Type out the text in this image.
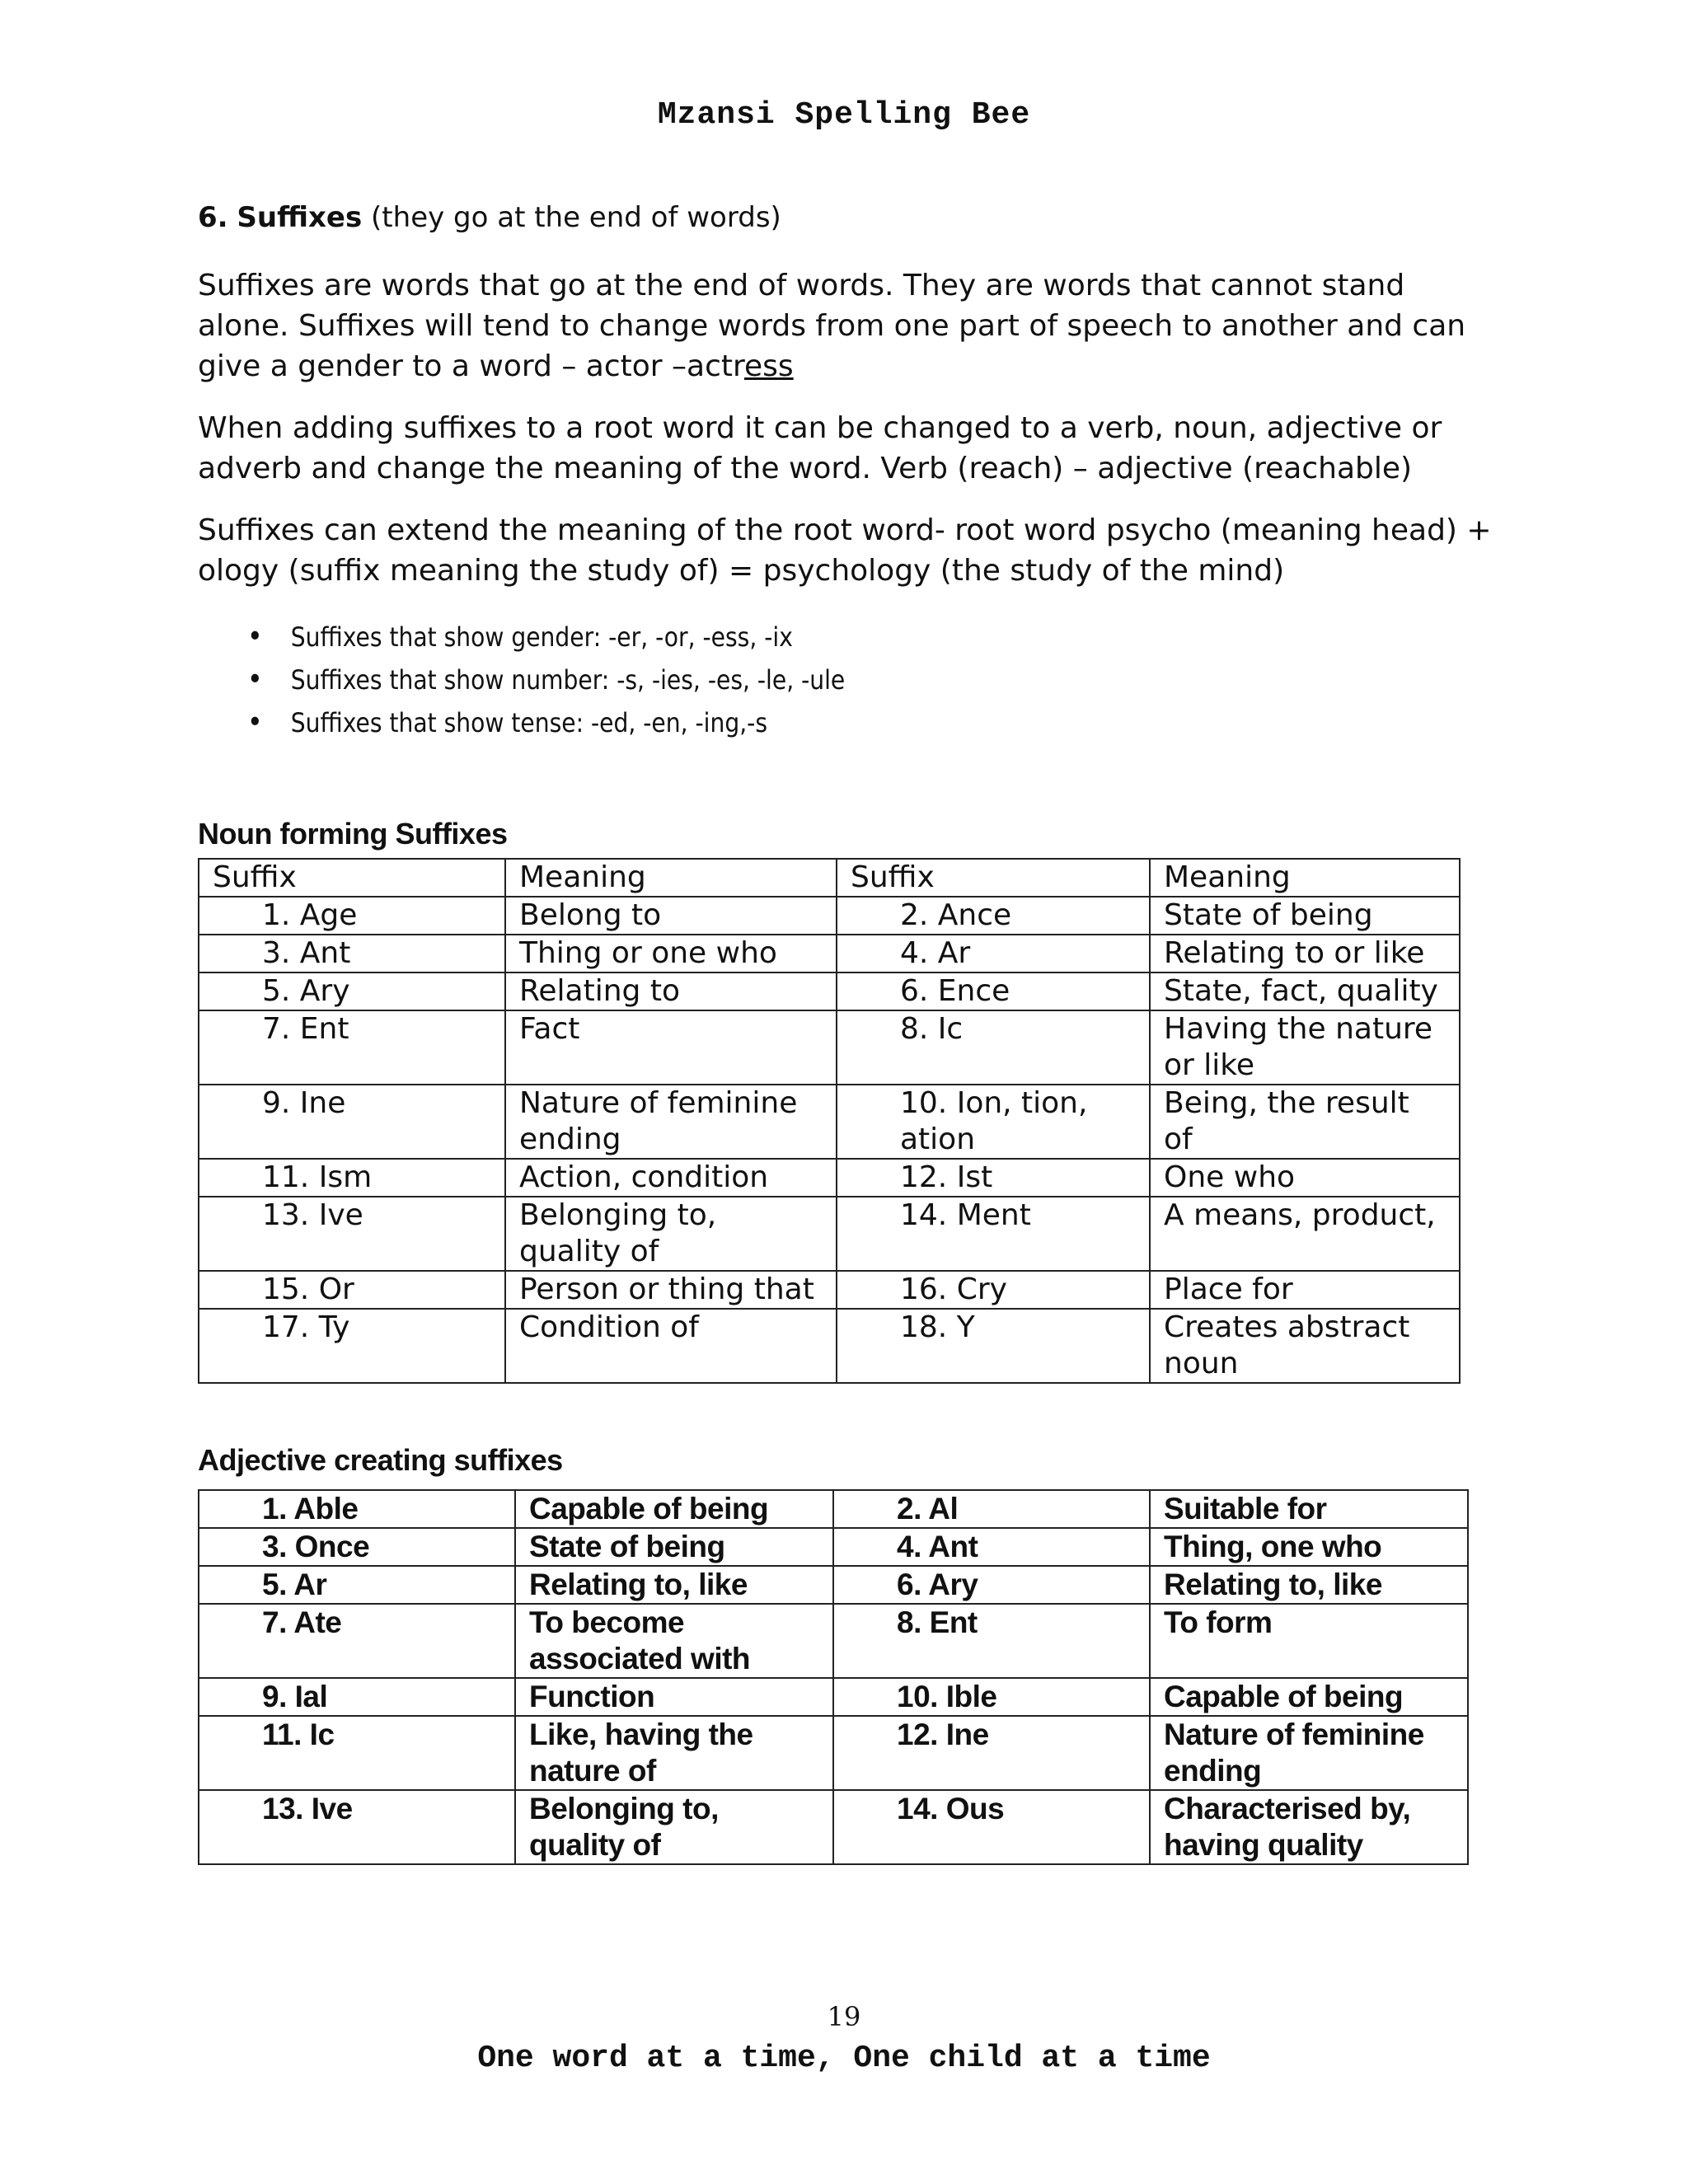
Mzansi Spelling Bee
6. Suffixes (they go at the end of words)

Suffixes are words that go at the end of words. They are words that cannot stand alone. Suffixes will tend to change words from one part of speech to another and can give a gender to a word – actor –actress

When adding suffixes to a root word it can be changed to a verb, noun, adjective or adverb and change the meaning of the word. Verb (reach) – adjective (reachable)

Suffixes can extend the meaning of the root word- root word psycho (meaning head) + ology (suffix meaning the study of) = psychology (the study of the mind)

• Suffixes that show gender: -er, -or, -ess, -ix
• Suffixes that show number: -s, -ies, -es, -le, -ule
• Suffixes that show tense: -ed, -en, -ing,-s
Noun forming Suffixes
Suffix	Meaning	Suffix	Meaning
1. Age	Belong to	2. Ance	State of being
3. Ant	Thing or one who	4. Ar	Relating to or like
5. Ary	Relating to	6. Ence	State, fact, quality
7. Ent	Fact	8. Ic	Having the nature or like
9. Ine	Nature of feminine ending	10. Ion, tion, ation	Being, the result of
11. Ism	Action, condition	12. Ist	One who
13. Ive	Belonging to, quality of	14. Ment	A means, product,
15. Or	Person or thing that	16. Cry	Place for
17. Ty	Condition of	18. Y	Creates abstract noun
Adjective creating suffixes
1. Able	Capable of being	2. Al	Suitable for
3. Once	State of being	4. Ant	Thing, one who
5. Ar	Relating to, like	6. Ary	Relating to, like
7. Ate	To become associated with	8. Ent	To form
9. Ial	Function	10. Ible	Capable of being
11. Ic	Like, having the nature of	12. Ine	Nature of feminine ending
13. Ive	Belonging to, quality of	14. Ous	Characterised by, having quality
19
One word at a time, One child at a time
